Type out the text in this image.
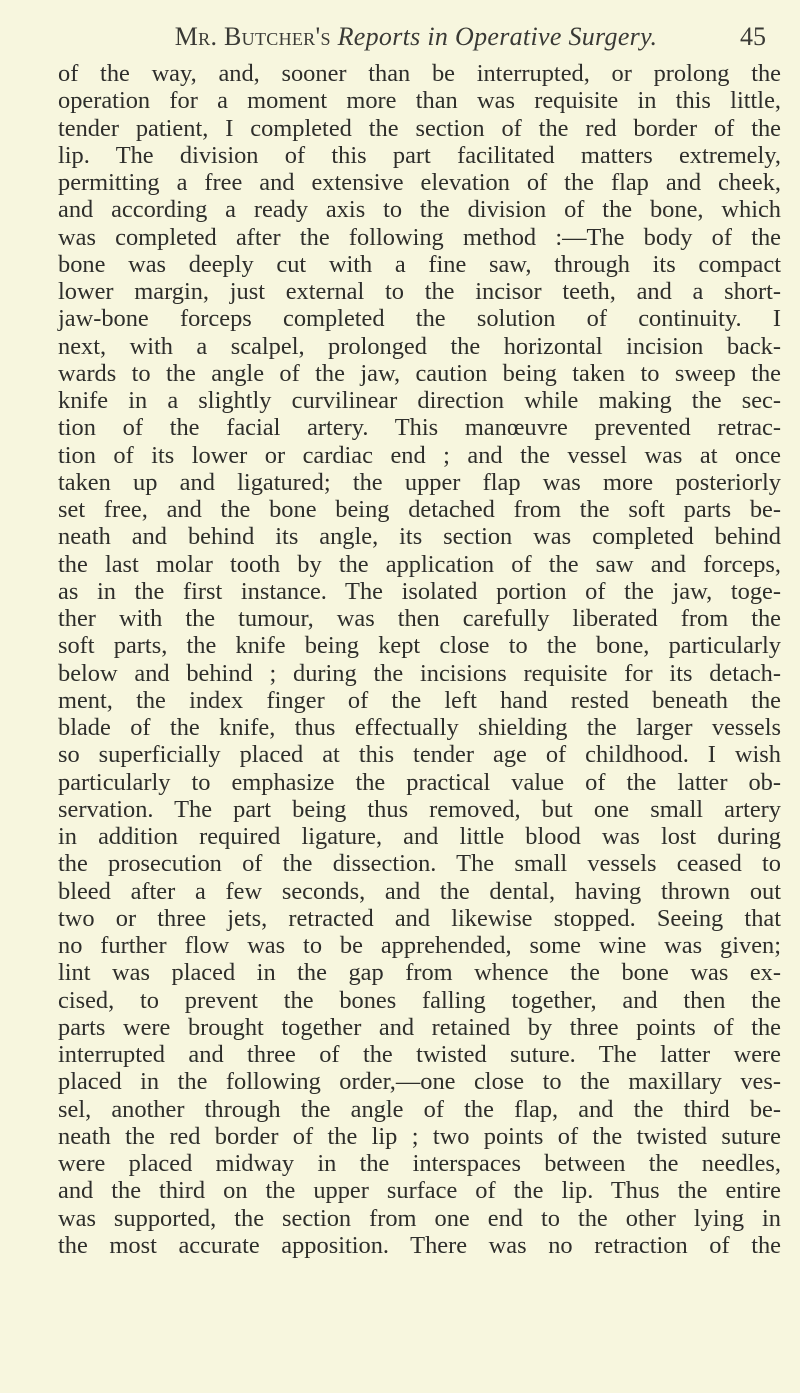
Mr. Butcher's Reports in Operative Surgery.	45
of the way, and, sooner than be interrupted, or prolong the
operation for a moment more than was requisite in this little,
tender patient, I completed the section of the red border of the
lip. The division of this part facilitated matters extremely,
permitting a free and extensive elevation of the flap and cheek,
and according a ready axis to the division of the bone, which
was completed after the following method :—The body of the
bone was deeply cut with a fine saw, through its compact
lower margin, just external to the incisor teeth, and a short-
jaw-bone forceps completed the solution of continuity. I
next, with a scalpel, prolonged the horizontal incision back-
wards to the angle of the jaw, caution being taken to sweep the
knife in a slightly curvilinear direction while making the sec-
tion of the facial artery. This manœuvre prevented retrac-
tion of its lower or cardiac end ; and the vessel was at once
taken up and ligatured; the upper flap was more posteriorly
set free, and the bone being detached from the soft parts be-
neath and behind its angle, its section was completed behind
the last molar tooth by the application of the saw and forceps,
as in the first instance. The isolated portion of the jaw, toge-
ther with the tumour, was then carefully liberated from the
soft parts, the knife being kept close to the bone, particularly
below and behind ; during the incisions requisite for its detach-
ment, the index finger of the left hand rested beneath the
blade of the knife, thus effectually shielding the larger vessels
so superficially placed at this tender age of childhood. I wish
particularly to emphasize the practical value of the latter ob-
servation. The part being thus removed, but one small artery
in addition required ligature, and little blood was lost during
the prosecution of the dissection. The small vessels ceased to
bleed after a few seconds, and the dental, having thrown out
two or three jets, retracted and likewise stopped. Seeing that
no further flow was to be apprehended, some wine was given;
lint was placed in the gap from whence the bone was ex-
cised, to prevent the bones falling together, and then the
parts were brought together and retained by three points of the
interrupted and three of the twisted suture. The latter were
placed in the following order,—one close to the maxillary ves-
sel, another through the angle of the flap, and the third be-
neath the red border of the lip ; two points of the twisted suture
were placed midway in the interspaces between the needles,
and the third on the upper surface of the lip. Thus the entire
was supported, the section from one end to the other lying in
the most accurate apposition. There was no retraction of the
